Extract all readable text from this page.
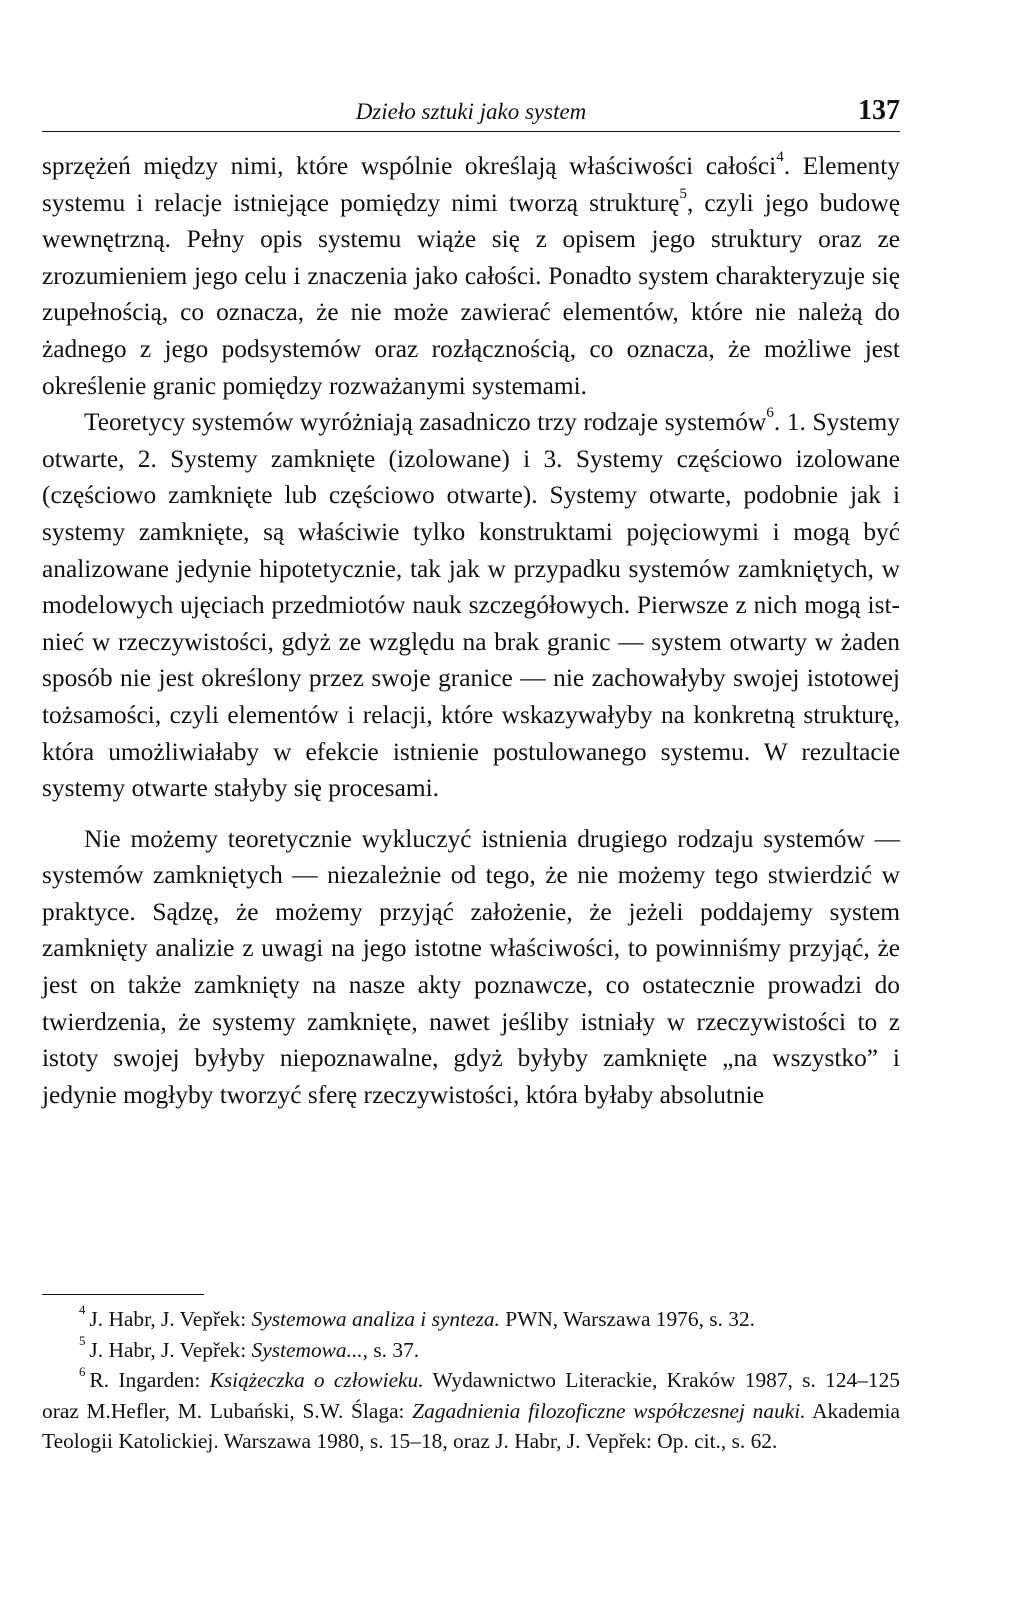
Dzieło sztuki jako system	137

sprzężeń między nimi, które wspólnie określają właściwości całości$^4$. Elementy systemu i relacje istniejące pomiędzy nimi tworzą strukturę$^5$, czyli jego budowę wewnętrzną. Pełny opis systemu wiąże się z opisem jego struktury oraz ze zrozumieniem jego celu i znaczenia jako całości. Ponadto system charakteryzuje się zupełnością, co oznacza, że nie może zawierać elementów, które nie należą do żadnego z jego podsystemów oraz rozłącznością, co oznacza, że możliwe jest określenie granic pomiędzy rozważanymi systemami.

Teoretycy systemów wyróżniają zasadniczo trzy rodzaje systemów$^6$. 1. Systemy otwarte, 2. Systemy zamknięte (izolowane) i 3. Systemy częściowo izolowane (częściowo zamknięte lub częściowo otwarte). Systemy otwarte, podobnie jak i systemy zamknięte, są właściwie tylko konstruktami pojęciowymi i mogą być analizowane jedynie hipotetycznie, tak jak w przypadku systemów zamkniętych, w modelowych ujęciach przedmiotów nauk szczegółowych. Pierwsze z nich mogą istnieć w rzeczywistości, gdyż ze względu na brak granic — system otwarty w żaden sposób nie jest określony przez swoje granice — nie zachowałyby swojej istotowej tożsamości, czyli elementów i relacji, które wskazywałyby na konkretną strukturę, która umożliwiałaby w efekcie istnienie postulowanego systemu. W rezultacie systemy otwarte stałyby się procesami.

Nie możemy teoretycznie wykluczyć istnienia drugiego rodzaju systemów — systemów zamkniętych — niezależnie od tego, że nie możemy tego stwierdzić w praktyce. Sądzę, że możemy przyjąć założenie, że jeżeli poddajemy system zamknięty analizie z uwagi na jego istotne właściwości, to powinniśmy przyjąć, że jest on także zamknięty na nasze akty poznawcze, co ostatecznie prowadzi do twierdzenia, że systemy zamknięte, nawet jeśliby istniały w rzeczywistości to z istoty swojej byłyby niepoznawalne, gdyż byłyby zamknięte „na wszystko” i jedynie mogłyby tworzyć sferę rzeczywistości, która byłaby absolutnie

$^4$ J. Habr, J. Vepřek: Systemowa analiza i synteza. PWN, Warszawa 1976, s. 32.

$^5$ J. Habr, J. Vepřek: Systemowa..., s. 37.

$^6$ R. Ingarden: Książeczka o człowieku. Wydawnictwo Literackie, Kraków 1987, s. 124–125 oraz M.Hefler, M. Lubański, S.W. Ślaga: Zagadnienia filozoficzne współczesnej nauki. Akademia Teologii Katolickiej. Warszawa 1980, s. 15–18, oraz J. Habr, J. Vepřek: Op. cit., s. 62.
